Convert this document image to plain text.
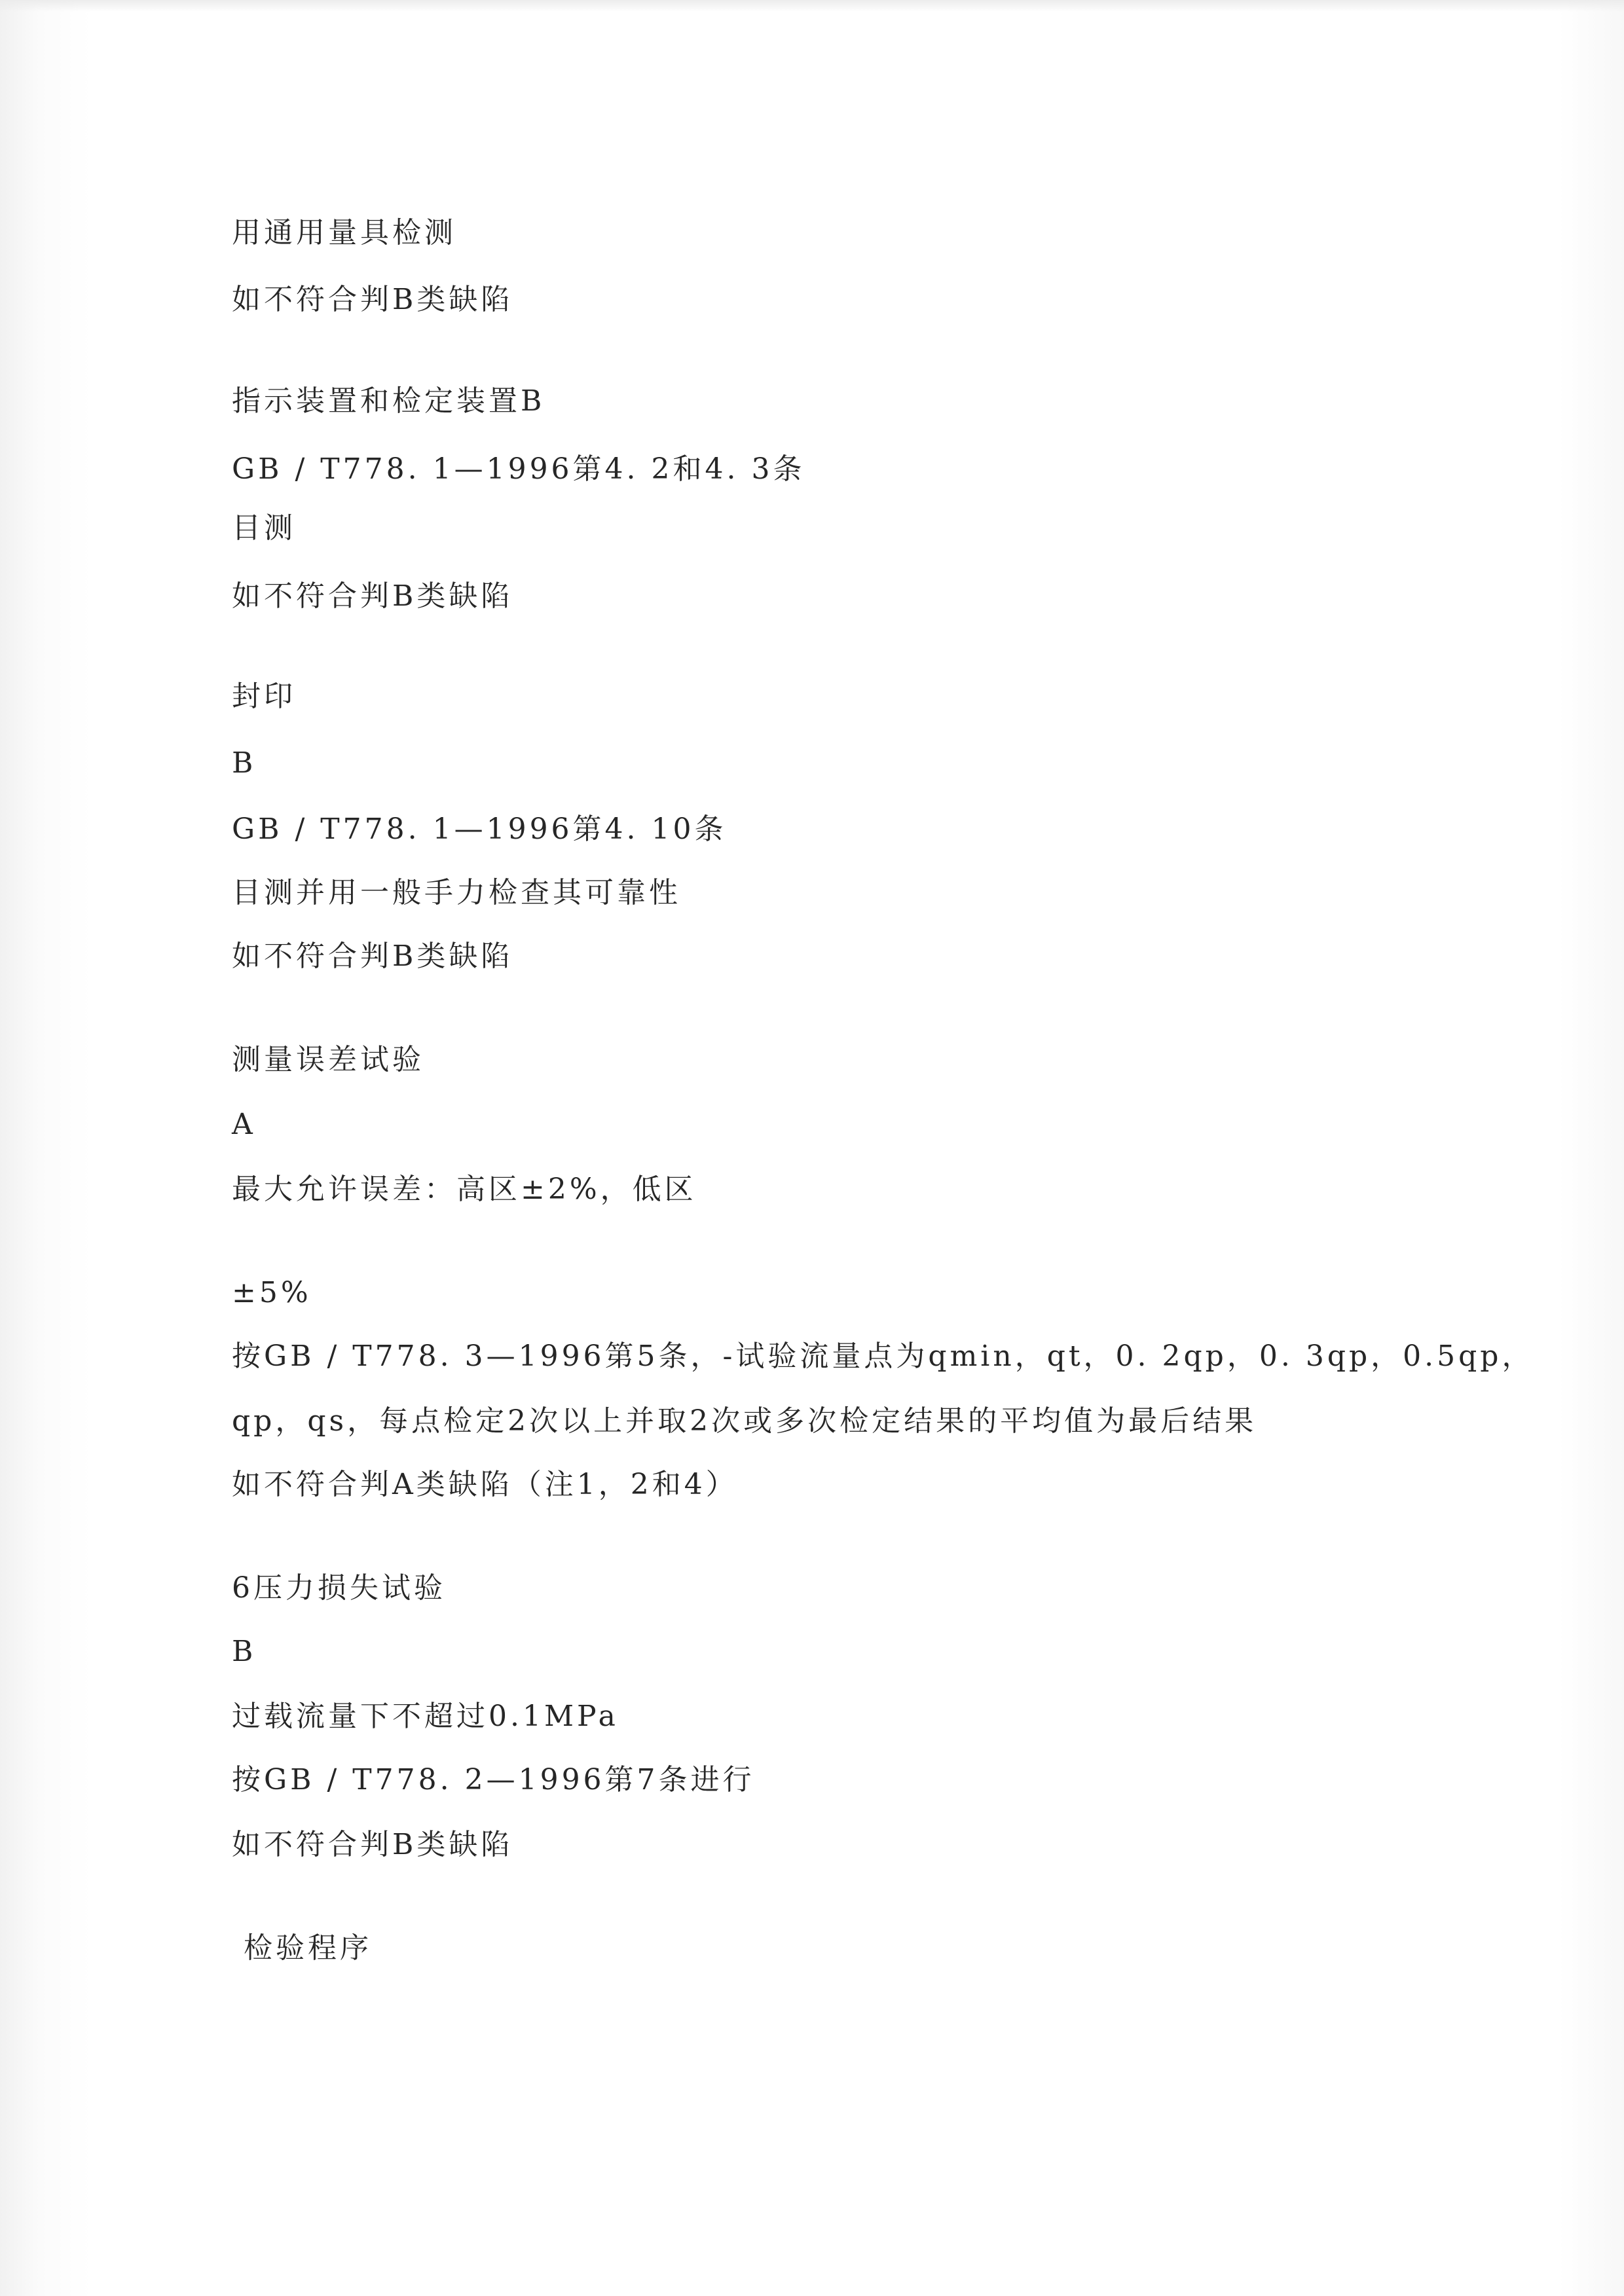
用通用量具检测
如不符合判B类缺陷
指示装置和检定装置B
GB / T778. 1—1996第4. 2和4. 3条
目测
如不符合判B类缺陷
封印
B
GB / T778. 1—1996第4. 10条
目测并用一般手力检查其可靠性
如不符合判B类缺陷
测量误差试验
A
最大允许误差：高区±2%，低区
±5%
按GB / T778. 3—1996第5条，-试验流量点为qmin，qt，0. 2qp，0. 3qp，0.5qp，
qp，qs，每点检定2次以上并取2次或多次检定结果的平均值为最后结果
如不符合判A类缺陷（注1，2和4）
6压力损失试验
B
过载流量下不超过0.1MPa
按GB / T778. 2—1996第7条进行
如不符合判B类缺陷
检验程序
